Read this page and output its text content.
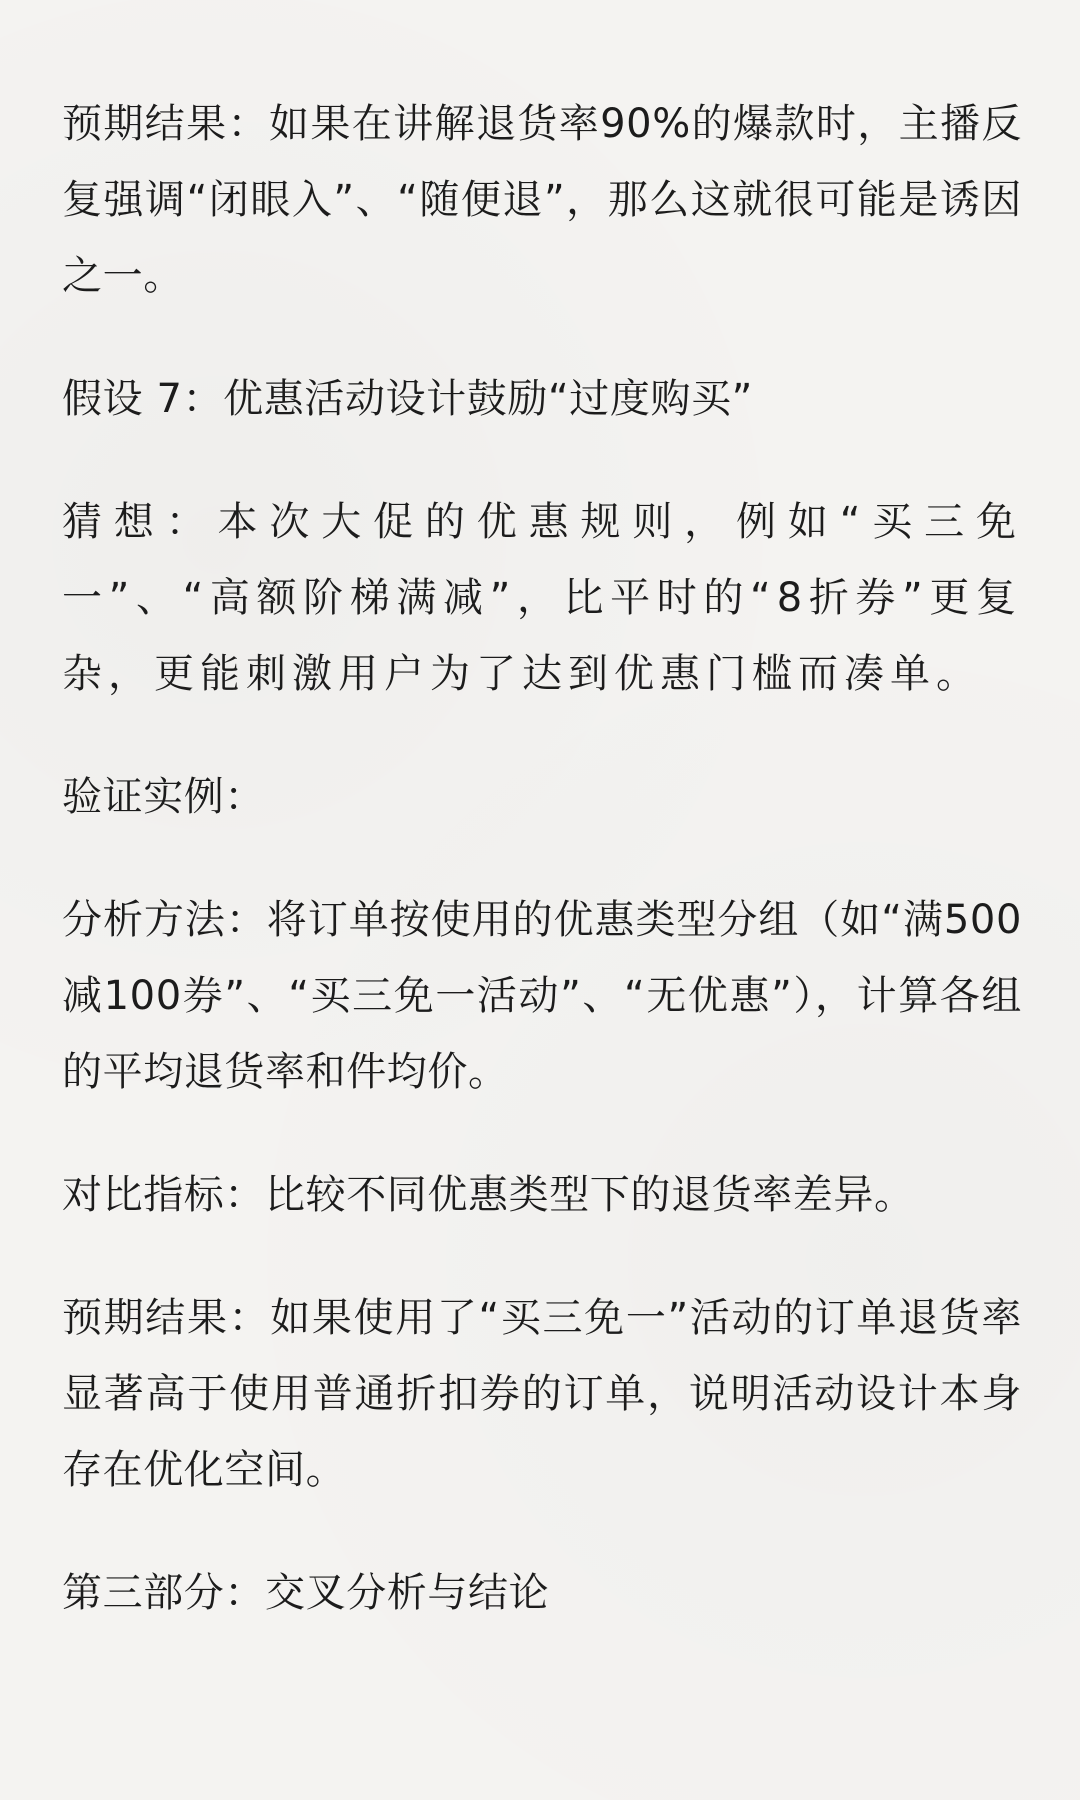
预期结果：如果在讲解退货率90%的爆款时，主播反复强调“闭眼入”、“随便退”，那么这就很可能是诱因之一。

假设 7：优惠活动设计鼓励“过度购买”

猜想：本次大促的优惠规则，例如“买三免一”、“高额阶梯满减”，比平时的“8折券”更复杂，更能刺激用户为了达到优惠门槛而凑单。

验证实例：

分析方法：将订单按使用的优惠类型分组（如“满500减100券”、“买三免一活动”、“无优惠”），计算各组的平均退货率和件均价。

对比指标：比较不同优惠类型下的退货率差异。

预期结果：如果使用了“买三免一”活动的订单退货率显著高于使用普通折扣券的订单，说明活动设计本身存在优化空间。

第三部分：交叉分析与结论
